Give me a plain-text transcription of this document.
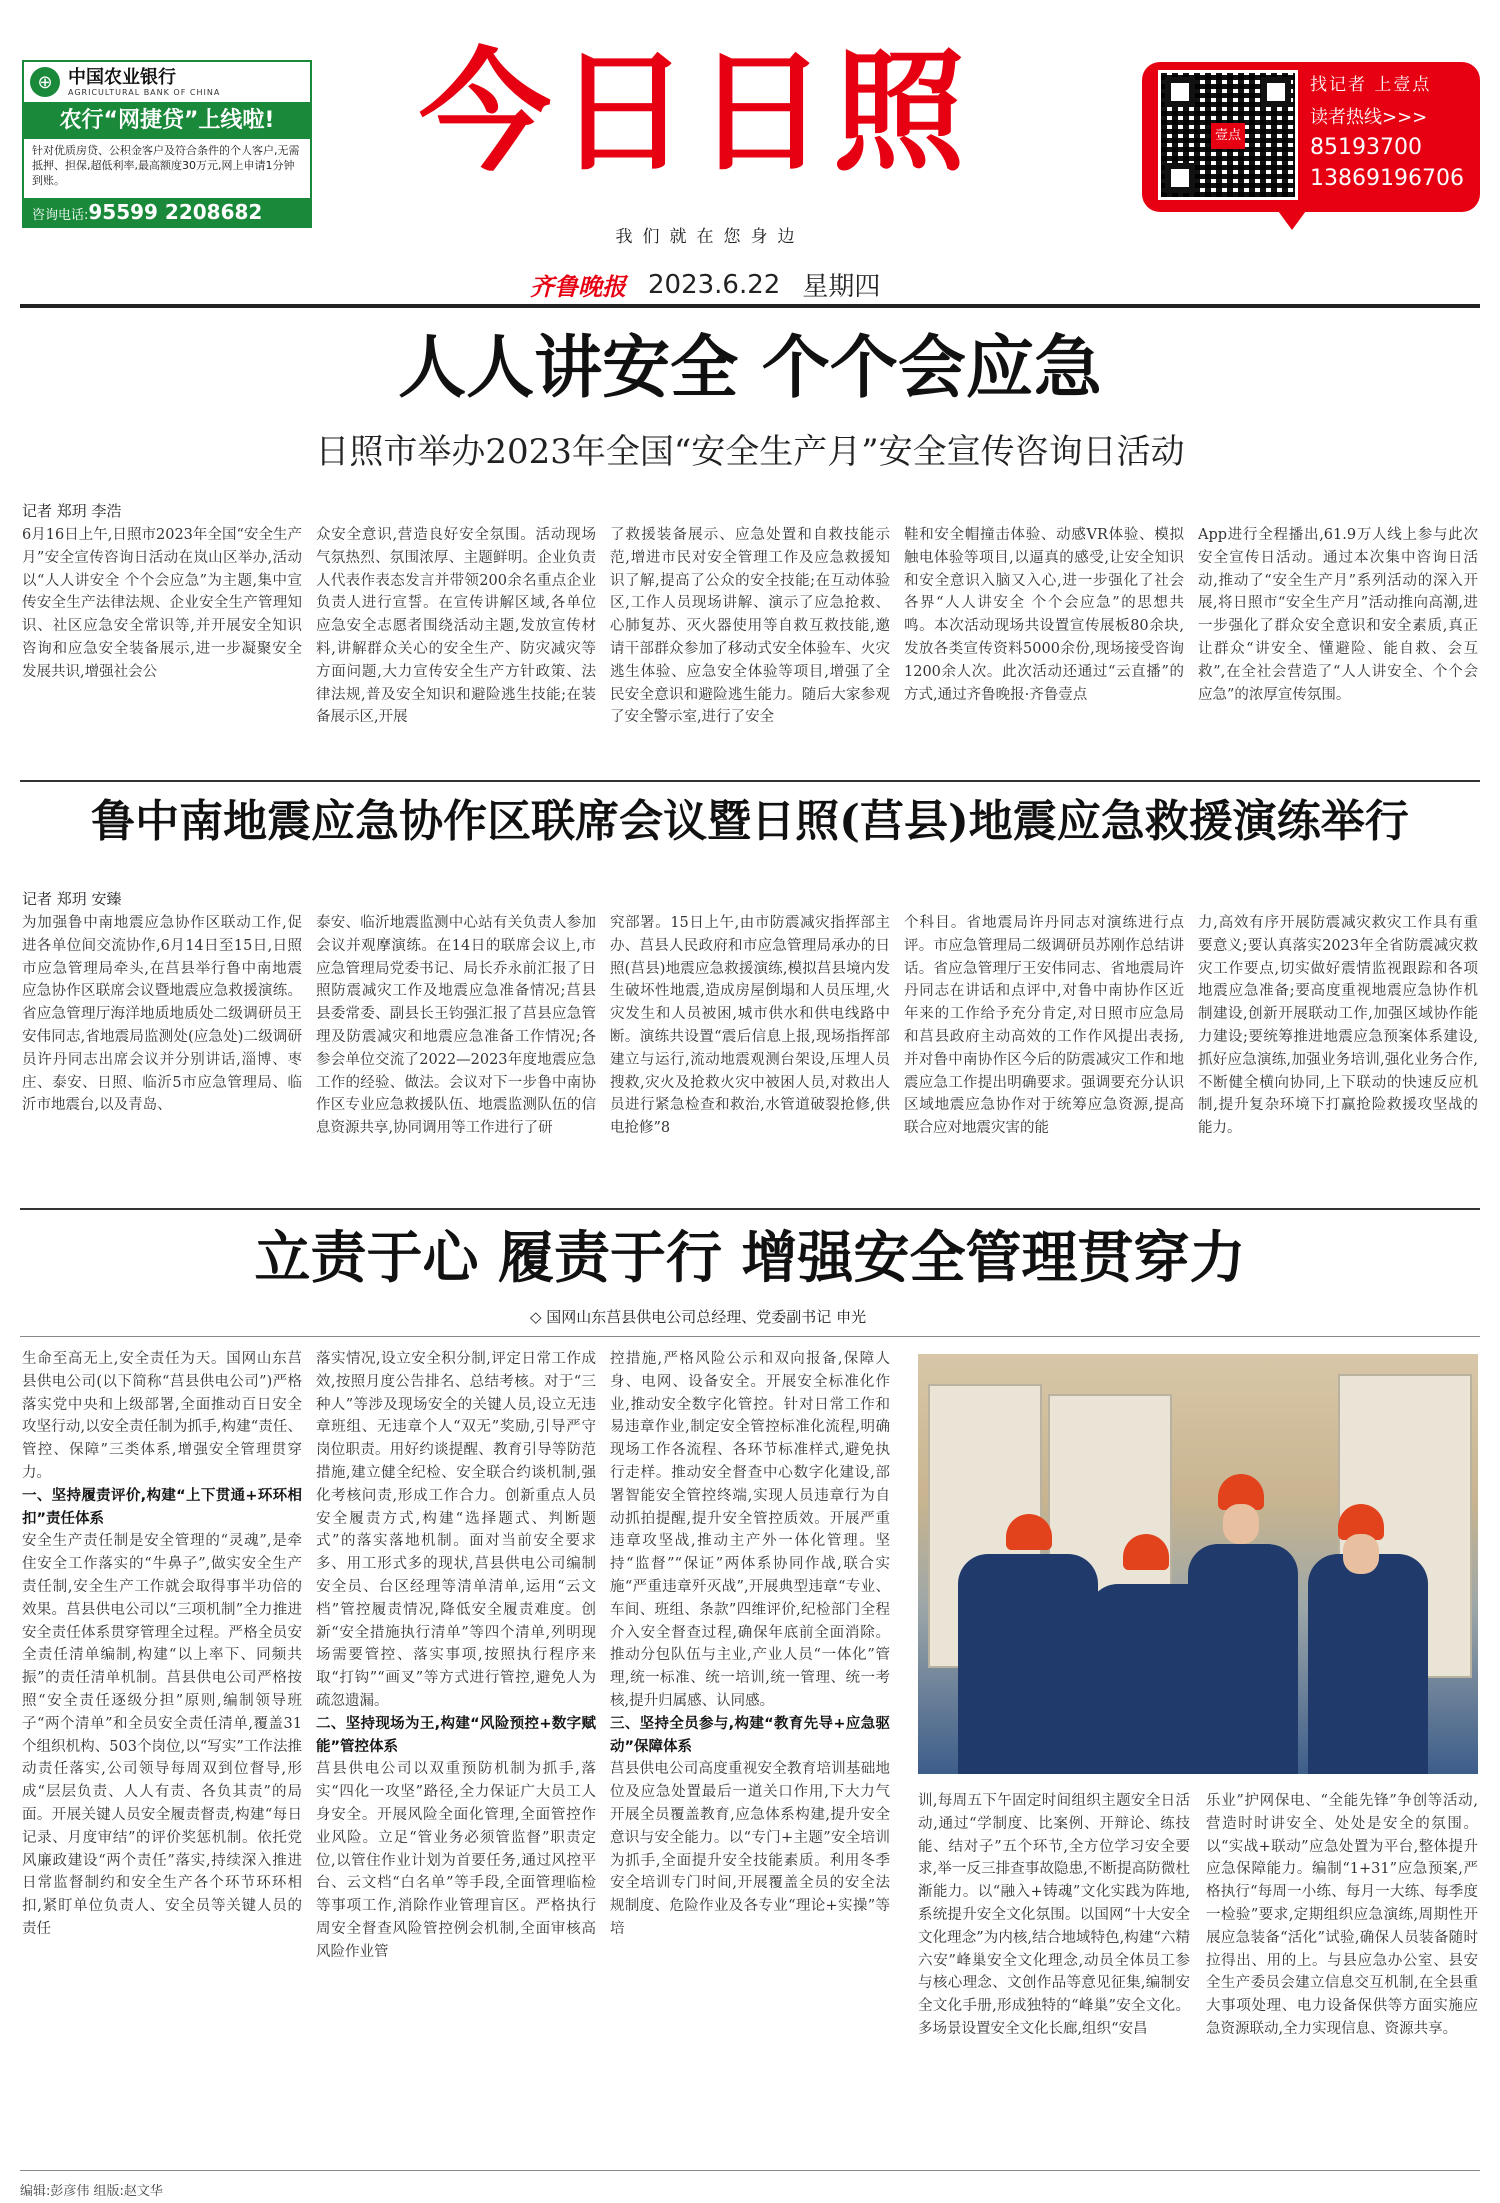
⊕ 中国农业银行
AGRICULTURAL BANK OF CHINA
农行“网捷贷”上线啦!
针对优质房贷、公积金客户及符合条件的个人客户,无需抵押、担保,超低利率,最高额度30万元,网上申请1分钟到账。
咨询电话:95599 2208682
今日日照
我们就在您身边
齐鲁晚报 2023.6.22 星期四
壹点
找记者 上壹点
读者热线>>>
85193700
13869196706
人人讲安全 个个会应急
日照市举办2023年全国“安全生产月”安全宣传咨询日活动
记者 郑玥 李浩
6月16日上午,日照市2023年全国“安全生产月”安全宣传咨询日活动在岚山区举办,活动以“人人讲安全 个个会应急”为主题,集中宣传安全生产法律法规、企业安全生产管理知识、社区应急安全常识等,并开展安全知识咨询和应急安全装备展示,进一步凝聚安全发展共识,增强社会公
众安全意识,营造良好安全氛围。活动现场气氛热烈、氛围浓厚、主题鲜明。企业负责人代表作表态发言并带领200余名重点企业负责人进行宣誓。在宣传讲解区域,各单位应急安全志愿者围绕活动主题,发放宣传材料,讲解群众关心的安全生产、防灾减灾等方面问题,大力宣传安全生产方针政策、法律法规,普及安全知识和避险逃生技能;在装备展示区,开展
了救援装备展示、应急处置和自救技能示范,增进市民对安全管理工作及应急救援知识了解,提高了公众的安全技能;在互动体验区,工作人员现场讲解、演示了应急抢救、心肺复苏、灭火器使用等自救互救技能,邀请干部群众参加了移动式安全体验车、火灾逃生体验、应急安全体验等项目,增强了全民安全意识和避险逃生能力。随后大家参观了安全警示室,进行了安全
鞋和安全帽撞击体验、动感VR体验、模拟触电体验等项目,以逼真的感受,让安全知识和安全意识入脑又入心,进一步强化了社会各界“人人讲安全 个个会应急”的思想共鸣。本次活动现场共设置宣传展板80余块,发放各类宣传资料5000余份,现场接受咨询1200余人次。此次活动还通过“云直播”的方式,通过齐鲁晚报·齐鲁壹点
App进行全程播出,61.9万人线上参与此次安全宣传日活动。通过本次集中咨询日活动,推动了“安全生产月”系列活动的深入开展,将日照市“安全生产月”活动推向高潮,进一步强化了群众安全意识和安全素质,真正让群众“讲安全、懂避险、能自救、会互救”,在全社会营造了“人人讲安全、个个会应急”的浓厚宣传氛围。
鲁中南地震应急协作区联席会议暨日照(莒县)地震应急救援演练举行
记者 郑玥 安臻
为加强鲁中南地震应急协作区联动工作,促进各单位间交流协作,6月14日至15日,日照市应急管理局牵头,在莒县举行鲁中南地震应急协作区联席会议暨地震应急救援演练。省应急管理厅海洋地质地质处二级调研员王安伟同志,省地震局监测处(应急处)二级调研员许丹同志出席会议并分别讲话,淄博、枣庄、泰安、日照、临沂5市应急管理局、临沂市地震台,以及青岛、
泰安、临沂地震监测中心站有关负责人参加会议并观摩演练。在14日的联席会议上,市应急管理局党委书记、局长乔永前汇报了日照防震减灾工作及地震应急准备情况;莒县县委常委、副县长王钧强汇报了莒县应急管理及防震减灾和地震应急准备工作情况;各参会单位交流了2022—2023年度地震应急工作的经验、做法。会议对下一步鲁中南协作区专业应急救援队伍、地震监测队伍的信息资源共享,协同调用等工作进行了研
究部署。15日上午,由市防震减灾指挥部主办、莒县人民政府和市应急管理局承办的日照(莒县)地震应急救援演练,模拟莒县境内发生破坏性地震,造成房屋倒塌和人员压埋,火灾发生和人员被困,城市供水和供电线路中断。演练共设置“震后信息上报,现场指挥部建立与运行,流动地震观测台架设,压埋人员搜救,灾火及抢救火灾中被困人员,对救出人员进行紧急检查和救治,水管道破裂抢修,供电抢修”8
个科目。省地震局许丹同志对演练进行点评。市应急管理局二级调研员苏刚作总结讲话。省应急管理厅王安伟同志、省地震局许丹同志在讲话和点评中,对鲁中南协作区近年来的工作给予充分肯定,对日照市应急局和莒县政府主动高效的工作作风提出表扬,并对鲁中南协作区今后的防震减灾工作和地震应急工作提出明确要求。强调要充分认识区域地震应急协作对于统筹应急资源,提高联合应对地震灾害的能
力,高效有序开展防震减灾救灾工作具有重要意义;要认真落实2023年全省防震减灾救灾工作要点,切实做好震情监视跟踪和各项地震应急准备;要高度重视地震应急协作机制建设,创新开展联动工作,加强区域协作能力建设;要统筹推进地震应急预案体系建设,抓好应急演练,加强业务培训,强化业务合作,不断健全横向协同,上下联动的快速反应机制,提升复杂环境下打赢抢险救援攻坚战的能力。
立责于心 履责于行 增强安全管理贯穿力
◇ 国网山东莒县供电公司总经理、党委副书记 申光
生命至高无上,安全责任为天。国网山东莒县供电公司(以下简称“莒县供电公司”)严格落实党中央和上级部署,全面推动百日安全攻坚行动,以安全责任制为抓手,构建“责任、管控、保障”三类体系,增强安全管理贯穿力。
一、坚持履责评价,构建“上下贯通+环环相扣”责任体系
安全生产责任制是安全管理的“灵魂”,是牵住安全工作落实的“牛鼻子”,做实安全生产责任制,安全生产工作就会取得事半功倍的效果。莒县供电公司以“三项机制”全力推进安全责任体系贯穿管理全过程。严格全员安全责任清单编制,构建“以上率下、同频共振”的责任清单机制。莒县供电公司严格按照“安全责任逐级分担”原则,编制领导班子“两个清单”和全员安全责任清单,覆盖31个组织机构、503个岗位,以“写实”工作法推动责任落实,公司领导每周双到位督导,形成“层层负责、人人有责、各负其责”的局面。开展关键人员安全履责督责,构建“每日记录、月度审结”的评价奖惩机制。依托党风廉政建设“两个责任”落实,持续深入推进日常监督制约和安全生产各个环节环环相扣,紧盯单位负责人、安全员等关键人员的责任
落实情况,设立安全积分制,评定日常工作成效,按照月度公告排名、总结考核。对于“三种人”等涉及现场安全的关键人员,设立无违章班组、无违章个人“双无”奖励,引导严守岗位职责。用好约谈提醒、教育引导等防范措施,建立健全纪检、安全联合约谈机制,强化考核问责,形成工作合力。创新重点人员安全履责方式,构建“选择题式、判断题式”的落实落地机制。面对当前安全要求多、用工形式多的现状,莒县供电公司编制安全员、台区经理等清单清单,运用“云文档”管控履责情况,降低安全履责难度。创新“安全措施执行清单”等四个清单,列明现场需要管控、落实事项,按照执行程序来取“打钩”“画叉”等方式进行管控,避免人为疏忽遗漏。
二、坚持现场为王,构建“风险预控+数字赋能”管控体系
莒县供电公司以双重预防机制为抓手,落实“四化一攻坚”路径,全力保证广大员工人身安全。开展风险全面化管理,全面管控作业风险。立足“管业务必须管监督”职责定位,以管住作业计划为首要任务,通过风控平台、云文档“白名单”等手段,全面管理临检等事项工作,消除作业管理盲区。严格执行周安全督查风险管控例会机制,全面审核高风险作业管
控措施,严格风险公示和双向报备,保障人身、电网、设备安全。开展安全标准化作业,推动安全数字化管控。针对日常工作和易违章作业,制定安全管控标准化流程,明确现场工作各流程、各环节标准样式,避免执行走样。推动安全督查中心数字化建设,部署智能安全管控终端,实现人员违章行为自动抓拍提醒,提升安全管控质效。开展严重违章攻坚战,推动主产外一体化管理。坚持“监督”“保证”两体系协同作战,联合实施“严重违章歼灭战”,开展典型违章“专业、车间、班组、条款”四维评价,纪检部门全程介入安全督查过程,确保年底前全面消除。推动分包队伍与主业,产业人员“一体化”管理,统一标准、统一培训,统一管理、统一考核,提升归属感、认同感。
三、坚持全员参与,构建“教育先导+应急驱动”保障体系
莒县供电公司高度重视安全教育培训基础地位及应急处置最后一道关口作用,下大力气开展全员覆盖教育,应急体系构建,提升安全意识与安全能力。以“专门+主题”安全培训为抓手,全面提升安全技能素质。利用冬季安全培训专门时间,开展覆盖全员的安全法规制度、危险作业及各专业“理论+实操”等培
训,每周五下午固定时间组织主题安全日活动,通过“学制度、比案例、开辩论、练技能、结对子”五个环节,全方位学习安全要求,举一反三排查事故隐患,不断提高防微杜渐能力。以“融入+铸魂”文化实践为阵地,系统提升安全文化氛围。以国网“十大安全文化理念”为内核,结合地域特色,构建“六精六安”峰巢安全文化理念,动员全体员工参与核心理念、文创作品等意见征集,编制安全文化手册,形成独特的“峰巢”安全文化。多场景设置安全文化长廊,组织“安昌
乐业”护网保电、“全能先锋”争创等活动,营造时时讲安全、处处是安全的氛围。以“实战+联动”应急处置为平台,整体提升应急保障能力。编制“1+31”应急预案,严格执行“每周一小练、每月一大练、每季度一检验”要求,定期组织应急演练,周期性开展应急装备“活化”试验,确保人员装备随时拉得出、用的上。与县应急办公室、县安全生产委员会建立信息交互机制,在全县重大事项处理、电力设备保供等方面实施应急资源联动,全力实现信息、资源共享。
编辑:彭彦伟 组版:赵文华
